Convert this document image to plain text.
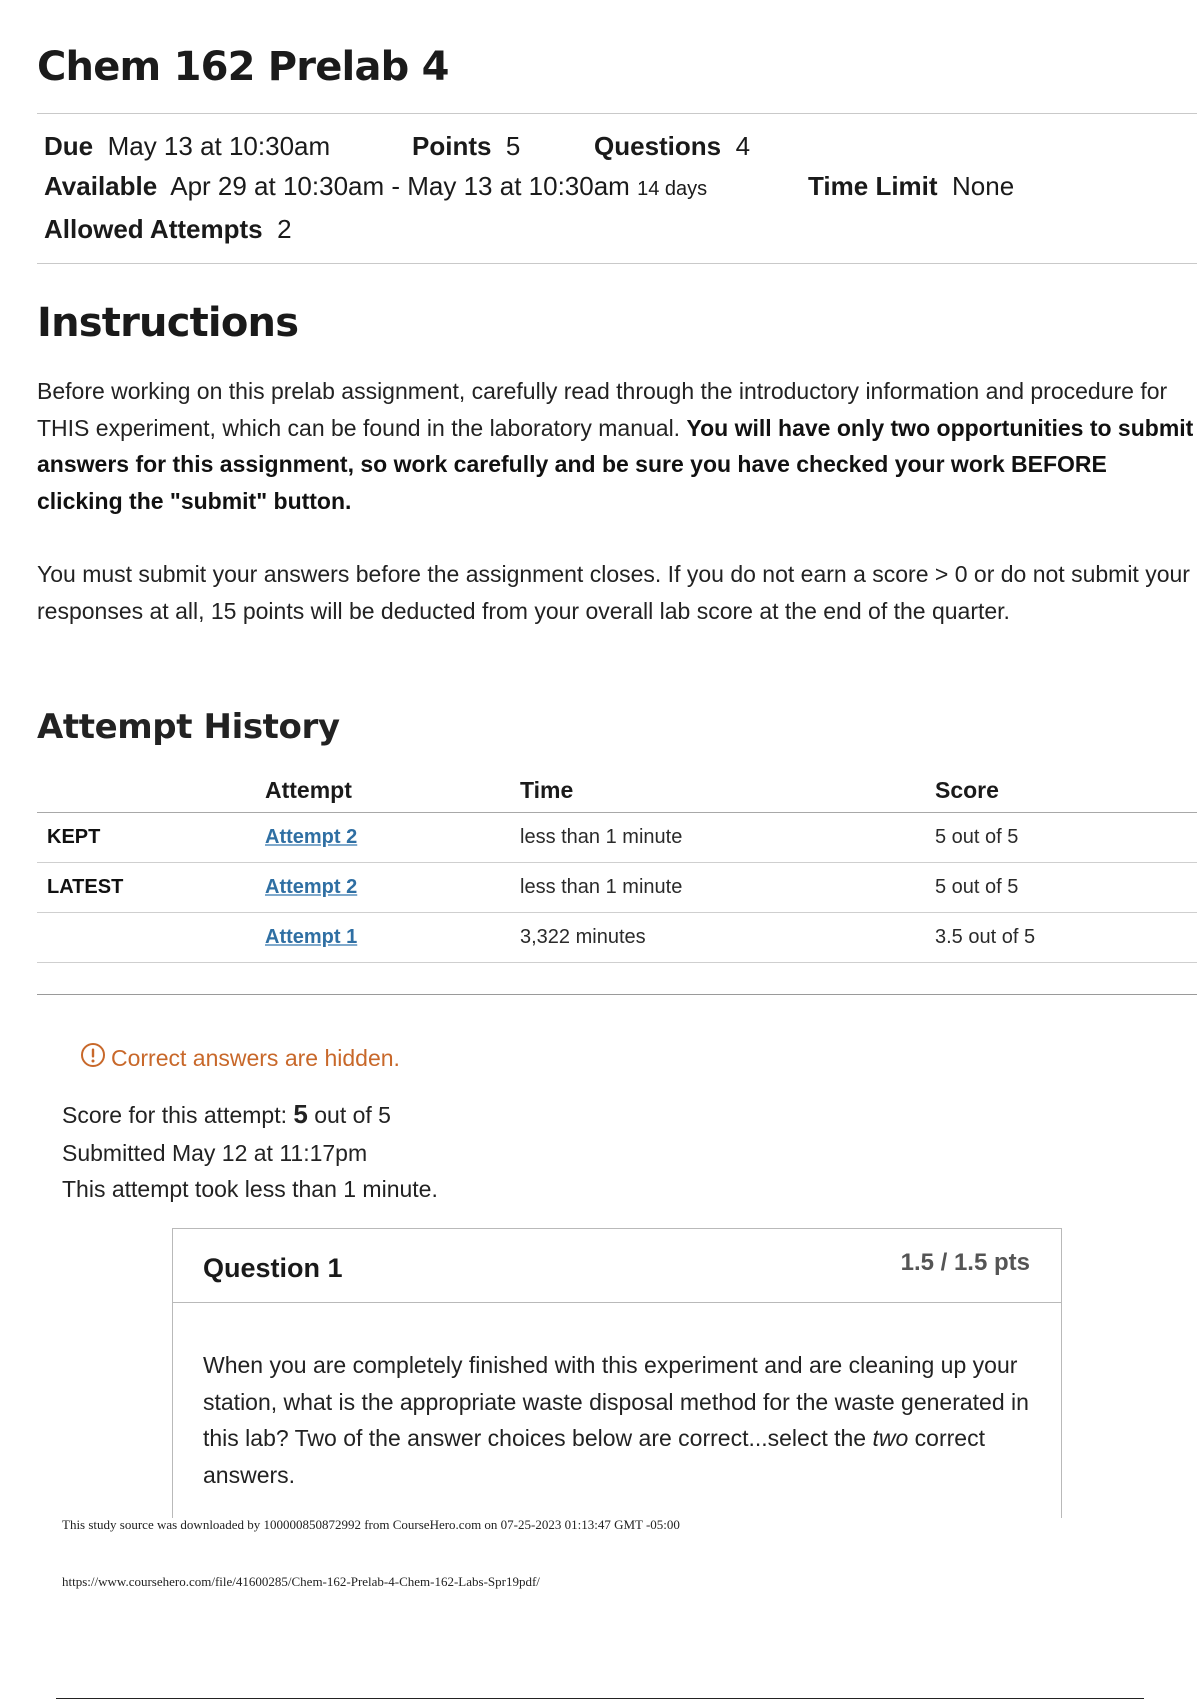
Chem 162 Prelab 4
Due May 13 at 10:30am	Points 5	Questions 4
Available Apr 29 at 10:30am - May 13 at 10:30am 14 days	Time Limit None
Allowed Attempts 2
Instructions

Before working on this prelab assignment, carefully read through the introductory information and procedure for THIS experiment, which can be found in the laboratory manual. You will have only two opportunities to submit answers for this assignment, so work carefully and be sure you have checked your work BEFORE clicking the "submit" button.

You must submit your answers before the assignment closes. If you do not earn a score > 0 or do not submit your responses at all, 15 points will be deducted from your overall lab score at the end of the quarter.

Attempt History
	Attempt	Time	Score
KEPT	Attempt 2	less than 1 minute	5 out of 5
LATEST	Attempt 2	less than 1 minute	5 out of 5
	Attempt 1	3,322 minutes	3.5 out of 5
Correct answers are hidden.
Score for this attempt: 5 out of 5
Submitted May 12 at 11:17pm
This attempt took less than 1 minute.
Question 1	1.5 / 1.5 pts

When you are completely finished with this experiment and are cleaning up your station, what is the appropriate waste disposal method for the waste generated in this lab? Two of the answer choices below are correct...select the two correct answers.

This study source was downloaded by 100000850872992 from CourseHero.com on 07-25-2023 01:13:47 GMT -05:00
https://www.coursehero.com/file/41600285/Chem-162-Prelab-4-Chem-162-Labs-Spr19pdf/
